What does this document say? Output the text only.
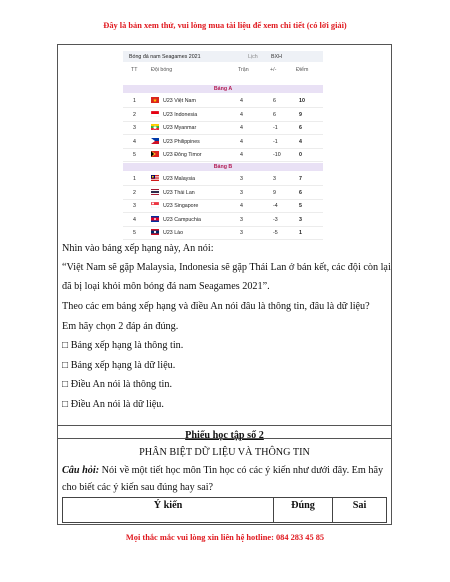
Đây là bản xem thử, vui lòng mua tài liệu để xem chi tiết (có lời giải)
Bóng đá nam Seagames 2021	Lịch	BXH
TT	Đội bóng	Trận	+/-	Điểm
Bảng A
1	U23 Việt Nam	4	6	10
2	U23 Indonesia	4	6	9
3	U23 Myanmar	4	-1	6
4	U23 Philippines	4	-1	4
5	U23 Đông Timor	4	-10	0
Bảng B
1	U23 Malaysia	3	3	7
2	U23 Thái Lan	3	9	6
3	U23 Singapore	4	-4	5
4	U23 Campuchia	3	-3	3
5	U23 Lào	3	-5	1
Nhìn vào bảng xếp hạng này, An nói:
“Việt Nam sẽ gặp Malaysia, Indonesia sẽ gặp Thái Lan ở bán kết, các đội còn lại
đã bị loại khỏi môn bóng đá nam Seagames 2021”.
Theo các em bảng xếp hạng và điều An nói đâu là thông tin, đâu là dữ liệu?
Em hãy chọn 2 đáp án đúng.
□ Bảng xếp hạng là thông tin.
□ Bảng xếp hạng là dữ liệu.
□ Điều An nói là thông tin.
□ Điều An nói là dữ liệu.
Phiếu học tập số 2
PHÂN BIỆT DỮ LIỆU VÀ THÔNG TIN
Câu hỏi: Nói về một tiết học môn Tin học có các ý kiến như dưới đây. Em hãy
cho biết các ý kiến sau đúng hay sai?
Ý kiến	Đúng	Sai
Mọi thắc mắc vui lòng xin liên hệ hotline: 084 283 45 85
